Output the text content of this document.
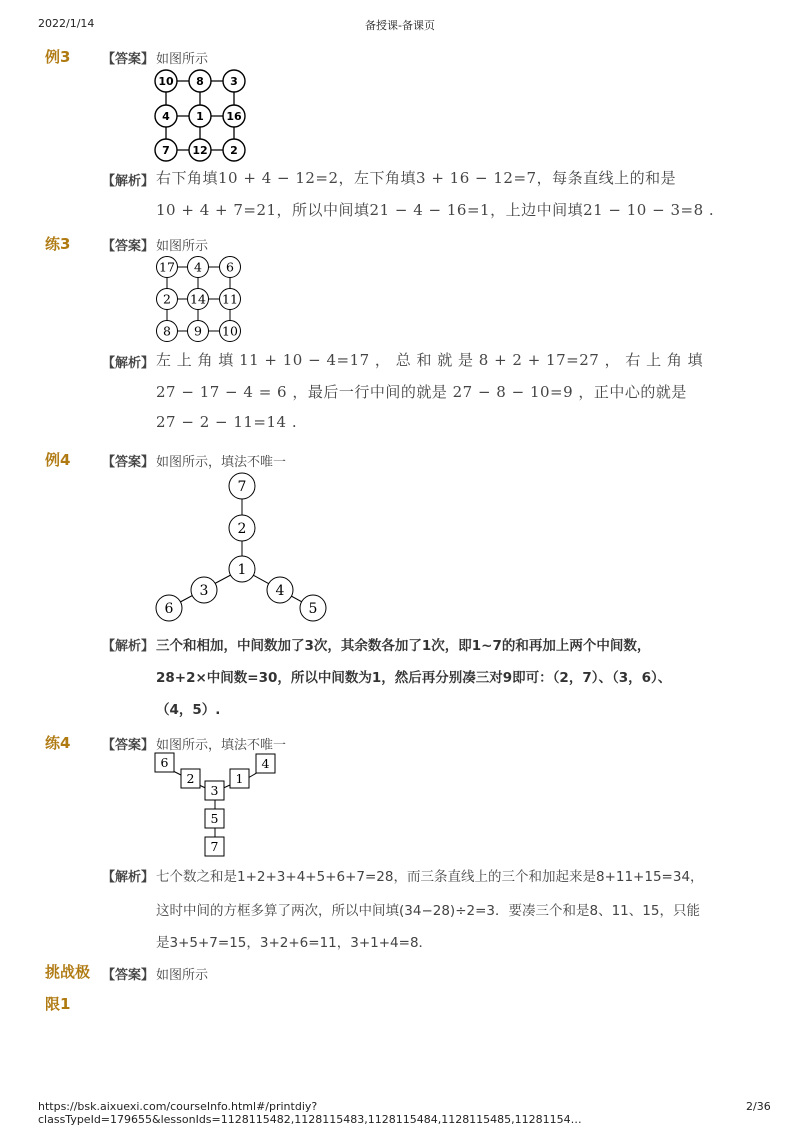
2022/1/14	备授课-备课页
例3 【答案】 如图所示
10 8 3
4 1 16
7 12 2
【解析】 右下角填10 + 4 − 12=2，左下角填3 + 16 − 12=7，每条直线上的和是
10 + 4 + 7=21，所以中间填21 − 4 − 16=1，上边中间填21 − 10 − 3=8 .
练3 【答案】 如图所示
17 4 6
2 14 11
8 9 10
【解析】 左 上 角 填 11 + 10 − 4=17 ， 总 和 就 是 8 + 2 + 17=27 ， 右 上 角 填
27 − 17 − 4 = 6 ，最后一行中间的就是 27 − 8 − 10=9 ，正中心的就是
27 − 2 − 11=14 .
例4 【答案】 如图所示，填法不唯一
7
2
1
3
6
4
5
【解析】 三个和相加，中间数加了3次，其余数各加了1次，即1~7的和再加上两个中间数，
28+2×中间数=30，所以中间数为1，然后再分别凑三对9即可：（2，7）、（3，6）、
（4，5）.
练4 【答案】 如图所示，填法不唯一
6
2
3
1
4
5
7
【解析】 七个数之和是1+2+3+4+5+6+7=28，而三条直线上的三个和加起来是8+11+15=34，
这时中间的方框多算了两次，所以中间填(34−28)÷2=3．要凑三个和是8、11、15，只能
是3+5+7=15，3+2+6=11，3+1+4=8．
挑战极
限1
【答案】 如图所示
https://bsk.aixuexi.com/courseInfo.html#/printdiy?classTypeId=179655&lessonIds=1128115482,1128115483,1128115484,1128115485,11281154…
2/36
